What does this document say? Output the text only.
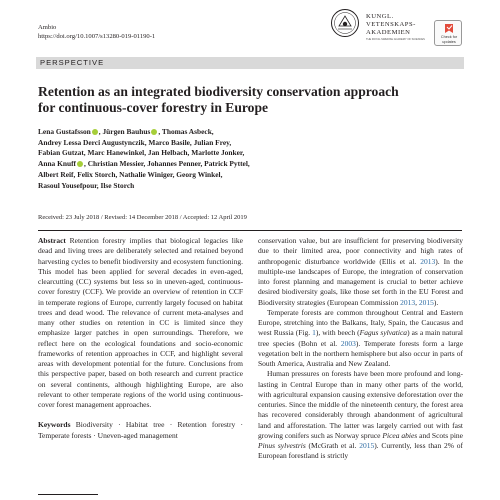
Ambio
https://doi.org/10.1007/s13280-019-01190-1
KUNGL.
VETENSKAPS-
AKADEMIEN
THE ROYAL SWEDISH ACADEMY OF SCIENCES
Check for
updates
PERSPECTIVE
Retention as an integrated biodiversity conservation approach
for continuous-cover forestry in Europe
Lena Gustafsson , Jürgen Bauhus , Thomas Asbeck,
Andrey Lessa Derci Augustynczik, Marco Basile, Julian Frey,
Fabian Gutzat, Marc Hanewinkel, Jan Helbach, Marlotte Jonker,
Anna Knuff , Christian Messier, Johannes Penner, Patrick Pyttel,
Albert Reif, Felix Storch, Nathalie Winiger, Georg Winkel,
Rasoul Yousefpour, Ilse Storch
Received: 23 July 2018 / Revised: 14 December 2018 / Accepted: 12 April 2019

Abstract Retention forestry implies that biological legacies like dead and living trees are deliberately selected and retained beyond harvesting cycles to benefit biodiversity and ecosystem functioning. This model has been applied for several decades in even-aged, clearcutting (CC) systems but less so in uneven-aged, continuous-cover forestry (CCF). We provide an overview of retention in CCF in temperate regions of Europe, currently largely focused on habitat trees and dead wood. The relevance of current meta-analyses and many other studies on retention in CC is limited since they emphasize larger patches in open surroundings. Therefore, we reflect here on the ecological foundations and socio-economic frameworks of retention approaches in CCF, and highlight several areas with development potential for the future. Conclusions from this perspective paper, based on both research and current practice on several continents, although highlighting Europe, are also relevant to other temperate regions of the world using continuous-cover forest management approaches.

Keywords Biodiversity · Habitat tree · Retention forestry · Temperate forests · Uneven-aged management

conservation value, but are insufficient for preserving biodiversity due to their limited area, poor connectivity and high rates of anthropogenic disturbance worldwide (Ellis et al. 2013). In the multiple-use landscapes of Europe, the integration of conservation into forest planning and management is crucial to better achieve desired biodiversity goals, like those set forth in the EU Forest and Biodiversity strategies (European Commission 2013, 2015).

Temperate forests are common throughout Central and Eastern Europe, stretching into the Balkans, Italy, Spain, the Caucasus and west Russia (Fig. 1), with beech (Fagus sylvatica) as a main natural tree species (Bohn et al. 2003). Temperate forests form a large vegetation belt in the northern hemisphere but also occur in parts of South America, Australia and New Zealand.

Human pressures on forests have been more profound and long-lasting in Central Europe than in many other parts of the world, with agricultural expansion causing extensive deforestation over the centuries. Since the middle of the nineteenth century, the forest area has recovered considerably through abandonment of agricultural land and afforestation. The latter was largely carried out with fast growing conifers such as Norway spruce Picea abies and Scots pine Pinus sylvestris (McGrath et al. 2015). Currently, less than 2% of European forestland is strictly
